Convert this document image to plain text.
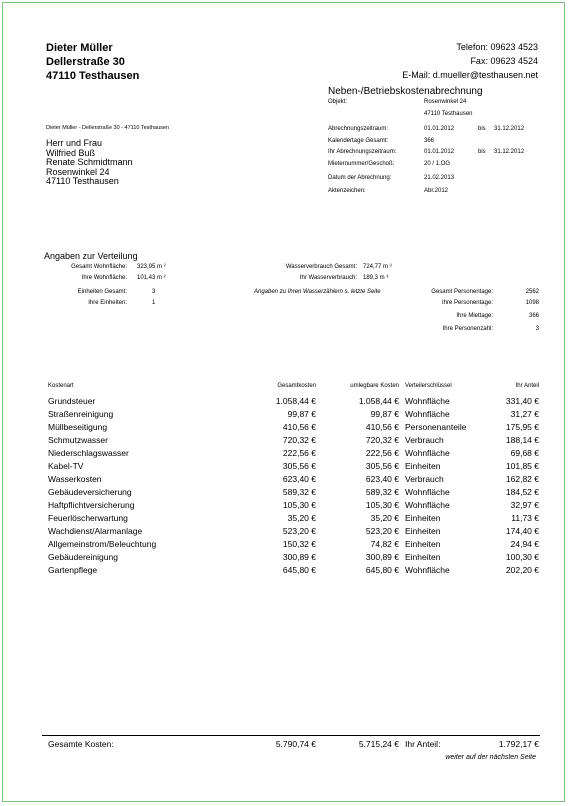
Dieter Müller
Dellerstraße 30
47110 Testhausen
Telefon: 09623 4523
Fax: 09623 4524
E-Mail: d.mueller@testhausen.net
Dieter Müller - Dellerstraße 30 - 47110 Testhausen
Herr und Frau
Wilfried Buß
Renate Schmidtmann
Rosenwinkel 24
47110 Testhausen
Neben-/Betriebskostenabrechnung
Objekt:	Rosenwinkel 24
47110 Testhausen
Abrechnungszeitraum:	01.01.2012	bis 31.12.2012
Kalendertage Gesamt:	366
Ihr Abrechnungszeitraum:	01.01.2012	bis 31.12.2012
Mieternummer/Geschoß:	20 / 1.OG
Datum der Abrechnung:	21.02.2013
Aktenzeichen:	Abr.2012
Angaben zur Verteilung
Gesamt Wohnfläche: 323,95 m ²
Ihre Wohnfläche: 101,43 m ²
Einheiten Gesamt:	3
Ihre Einheiten:	1
Wasserverbrauch Gesamt: 724,77 m ³
Ihr Wasserverbrauch: 189,3 m ³
Angaben zu Ihren Wasserzählern s. letzte Seite	Gesamt Personentage:	2562
Ihre Personentage:	1098
Ihre Miettage:	366
Ihre Personenzahl:	3
Kostenart	Gesamtkosten	umlegbare Kosten Verteilerschlüssel	Ihr Anteil
Grundsteuer	1.058,44 €	1.058,44 € Wohnfläche	331,40 €
Straßenreinigung	99,87 €	99,87 € Wohnfläche	31,27 €
Müllbeseitigung	410,56 €	410,56 € Personenanteile	175,95 €
Schmutzwasser	720,32 €	720,32 € Verbrauch	188,14 €
Niederschlagswasser	222,56 €	222,56 € Wohnfläche	69,68 €
Kabel-TV	305,56 €	305,56 € Einheiten	101,85 €
Wasserkosten	623,40 €	623,40 € Verbrauch	162,82 €
Gebäudeversicherung	589,32 €	589,32 € Wohnfläche	184,52 €
Haftpflichtversicherung	105,30 €	105,30 € Wohnfläche	32,97 €
Feuerlöscherwartung	35,20 €	35,20 € Einheiten	11,73 €
Wachdienst/Alarmanlage	523,20 €	523,20 € Einheiten	174,40 €
Allgemeinstrom/Beleuchtung	150,32 €	74,82 € Einheiten	24,94 €
Gebäudereinigung	300,89 €	300,89 € Einheiten	100,30 €
Gartenpflege	645,80 €	645,80 € Wohnfläche	202,20 €
Gesamte Kosten:	5.790,74 €	5.715,24 € Ihr Anteil:	1.792,17 €
weiter auf der nächsten Seite
